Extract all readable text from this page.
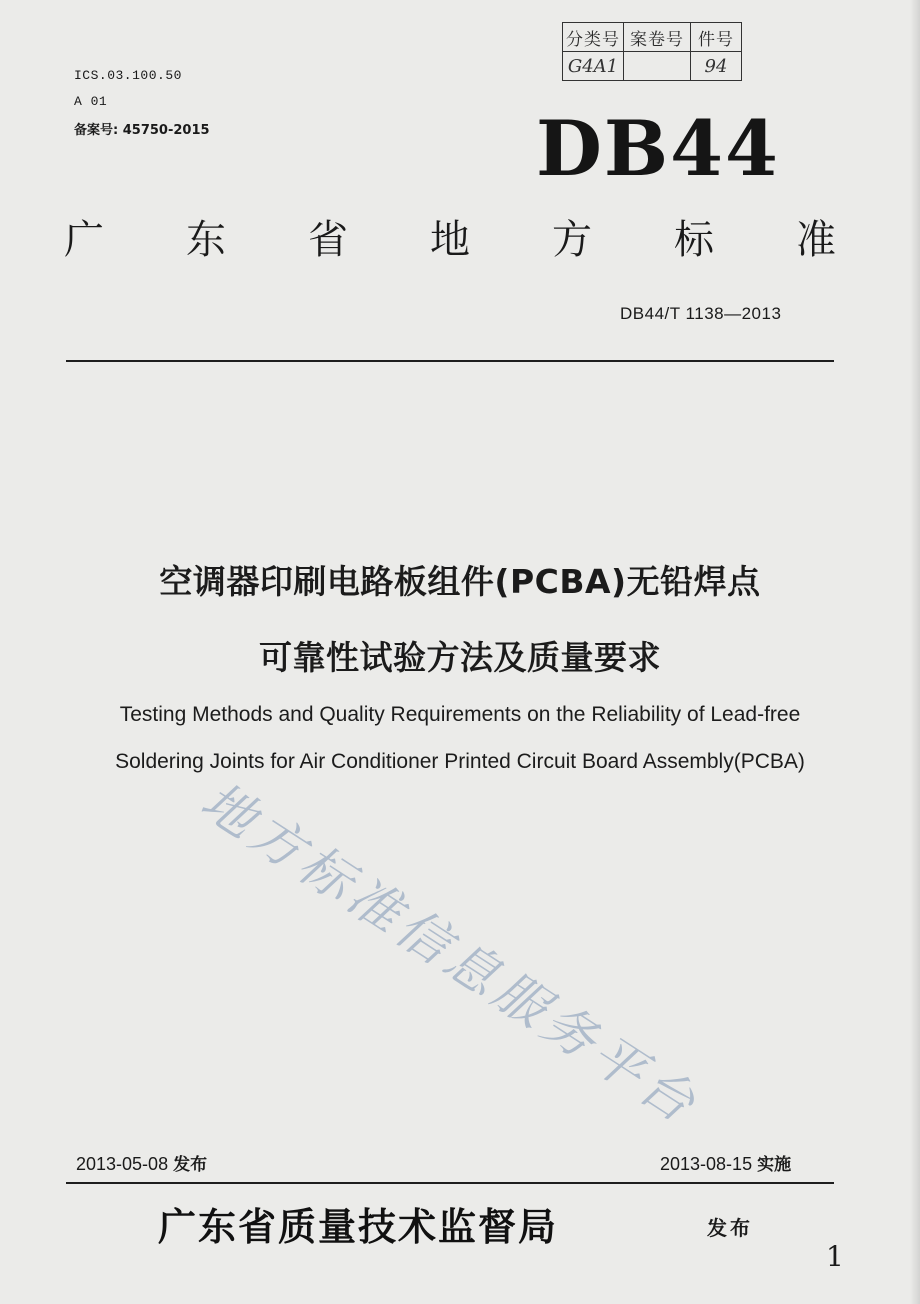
分类号	案卷号	件号
G4A1		94
ICS.03.100.50
A 01
备案号: 45750-2015	DB44
广 东 省 地 方 标 准
DB44/T 1138—2013
空调器印刷电路板组件(PCBA)无铅焊点
可靠性试验方法及质量要求
Testing Methods and Quality Requirements on the Reliability of Lead-free
Soldering Joints for Air Conditioner Printed Circuit Board Assembly(PCBA)
地方标准信息服务平台
2013-05-08 发布	2013-08-15 实施
广东省质量技术监督局	发布
1
